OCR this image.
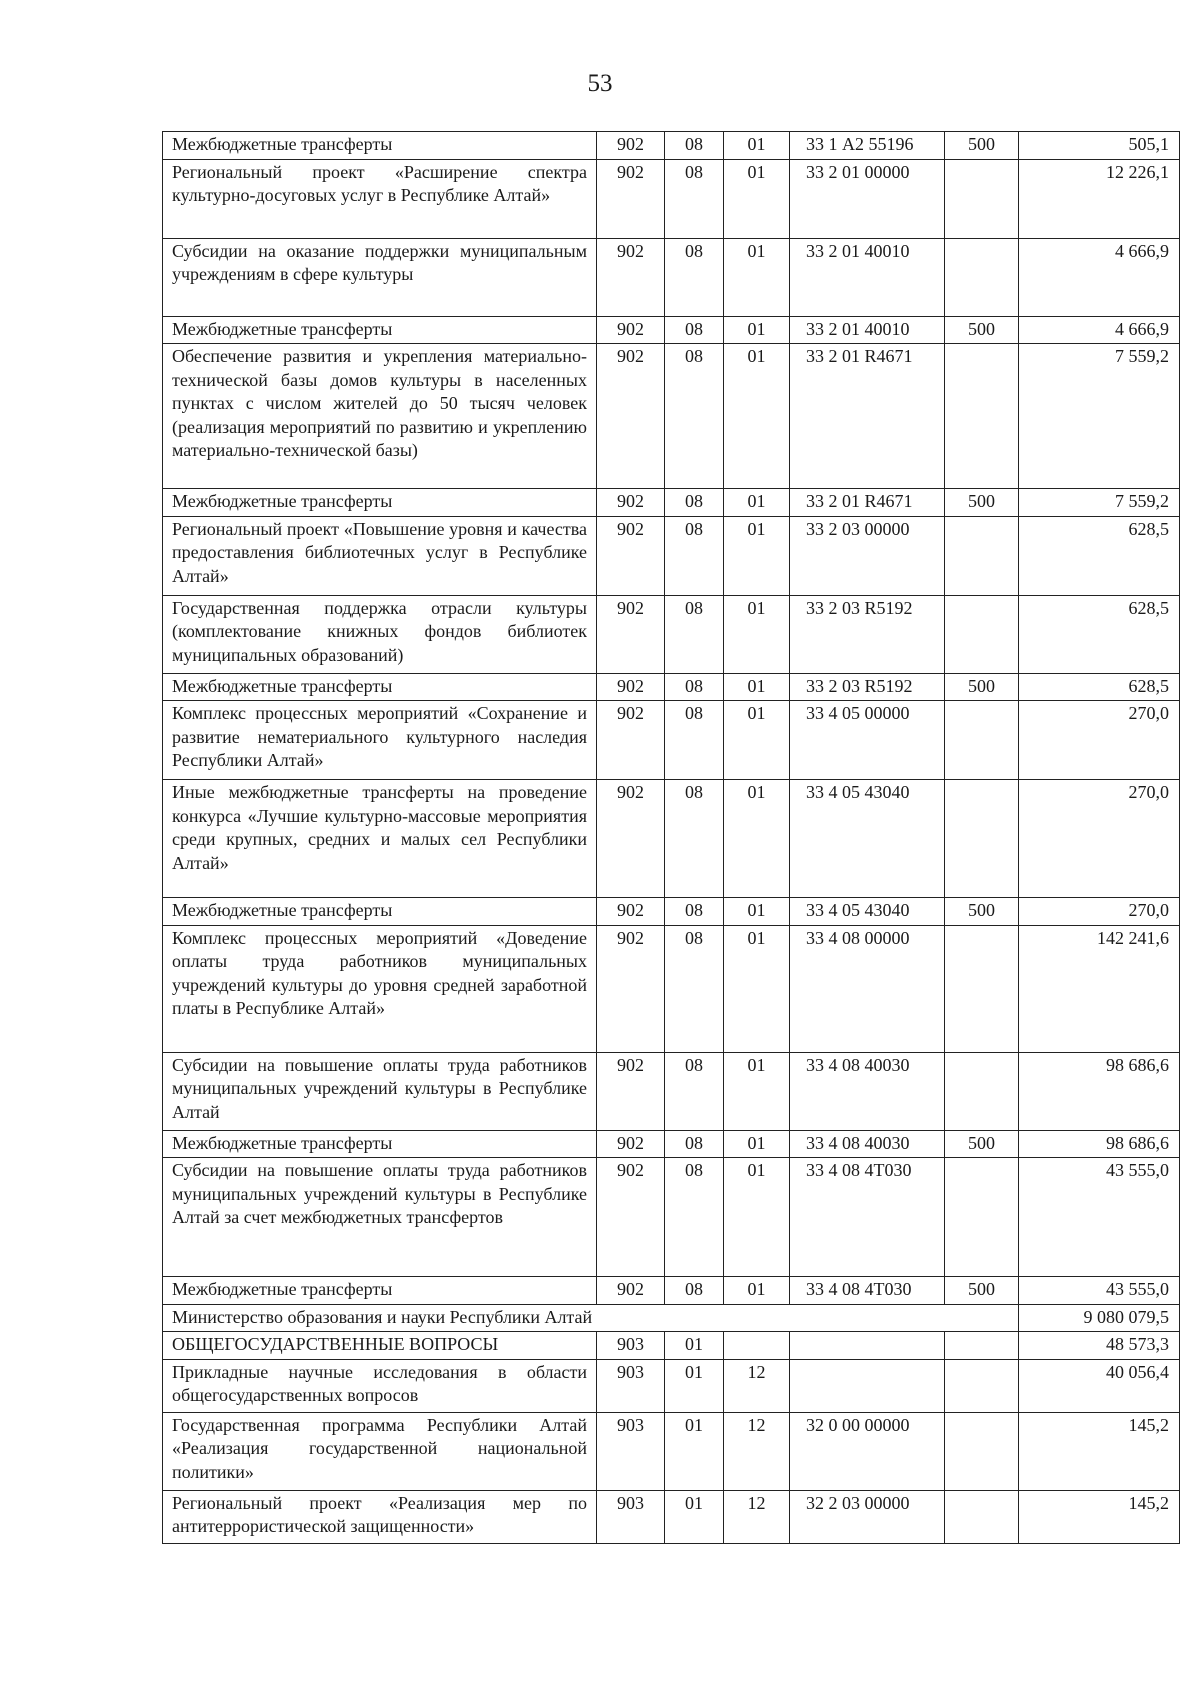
53
Межбюджетные трансферты	902	08	01	33 1 А2 55196	500	505,1
Региональный проект «Расширение спектра культурно-досуговых услуг в Республике Алтай»	902	08	01	33 2 01 00000		12 226,1
Субсидии на оказание поддержки муниципальным учреждениям в сфере культуры	902	08	01	33 2 01 40010		4 666,9
Межбюджетные трансферты	902	08	01	33 2 01 40010	500	4 666,9
Обеспечение развития и укрепления материально-технической базы домов культуры в населенных пунктах с числом жителей до 50 тысяч человек (реализация мероприятий по развитию и укреплению материально-технической базы)	902	08	01	33 2 01 R4671		7 559,2
Межбюджетные трансферты	902	08	01	33 2 01 R4671	500	7 559,2
Региональный проект «Повышение уровня и качества предоставления библиотечных услуг в Республике Алтай»	902	08	01	33 2 03 00000		628,5
Государственная поддержка отрасли культуры (комплектование книжных фондов библиотек муниципальных образований)	902	08	01	33 2 03 R5192		628,5
Межбюджетные трансферты	902	08	01	33 2 03 R5192	500	628,5
Комплекс процессных мероприятий «Сохранение и развитие нематериального культурного наследия Республики Алтай»	902	08	01	33 4 05 00000		270,0
Иные межбюджетные трансферты на проведение конкурса «Лучшие культурно-массовые мероприятия среди крупных, средних и малых сел Республики Алтай»	902	08	01	33 4 05 43040		270,0
Межбюджетные трансферты	902	08	01	33 4 05 43040	500	270,0
Комплекс процессных мероприятий «Доведение оплаты труда работников муниципальных учреждений культуры до уровня средней заработной платы в Республике Алтай»	902	08	01	33 4 08 00000		142 241,6
Субсидии на повышение оплаты труда работников муниципальных учреждений культуры в Республике Алтай	902	08	01	33 4 08 40030		98 686,6
Межбюджетные трансферты	902	08	01	33 4 08 40030	500	98 686,6
Субсидии на повышение оплаты труда работников муниципальных учреждений культуры в Республике Алтай за счет межбюджетных трансфертов	902	08	01	33 4 08 4Т030		43 555,0
Межбюджетные трансферты	902	08	01	33 4 08 4Т030	500	43 555,0
Министерство образования и науки Республики Алтай						9 080 079,5
ОБЩЕГОСУДАРСТВЕННЫЕ ВОПРОСЫ	903	01				48 573,3
Прикладные научные исследования в области общегосударственных вопросов	903	01	12			40 056,4
Государственная программа Республики Алтай «Реализация государственной национальной политики»	903	01	12	32 0 00 00000		145,2
Региональный проект «Реализация мер по антитеррористической защищенности»	903	01	12	32 2 03 00000		145,2
